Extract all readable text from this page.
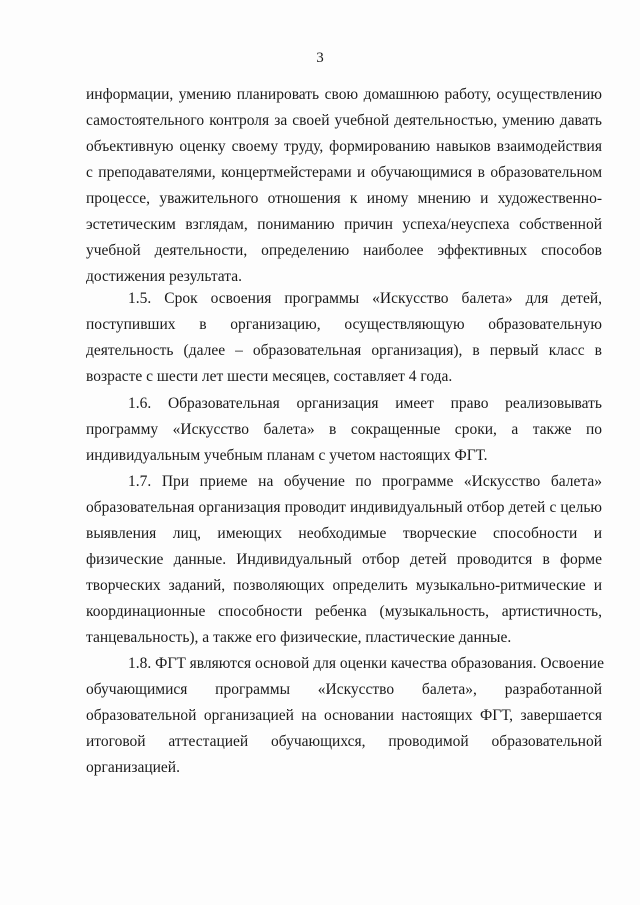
3
информации, умению планировать свою домашнюю работу, осуществлению
самостоятельного контроля за своей учебной деятельностью, умению давать
объективную оценку своему труду, формированию навыков взаимодействия
с преподавателями, концертмейстерами и обучающимися в образовательном
процессе, уважительного отношения к иному мнению и художественно-
эстетическим взглядам, пониманию причин успеха/неуспеха собственной
учебной деятельности, определению наиболее эффективных способов
достижения результата.
1.5. Срок освоения программы «Искусство балета» для детей,
поступивших в организацию, осуществляющую образовательную
деятельность (далее – образовательная организация), в первый класс в
возрасте с шести лет шести месяцев, составляет 4 года.
1.6. Образовательная организация имеет право реализовывать
программу «Искусство балета» в сокращенные сроки, а также по
индивидуальным учебным планам с учетом настоящих ФГТ.
1.7. При приеме на обучение по программе «Искусство балета»
образовательная организация проводит индивидуальный отбор детей с целью
выявления лиц, имеющих необходимые творческие способности и
физические данные. Индивидуальный отбор детей проводится в форме
творческих заданий, позволяющих определить музыкально-ритмические и
координационные способности ребенка (музыкальность, артистичность,
танцевальность), а также его физические, пластические данные.
1.8. ФГТ являются основой для оценки качества образования. Освоение
обучающимися программы «Искусство балета», разработанной
образовательной организацией на основании настоящих ФГТ, завершается
итоговой аттестацией обучающихся, проводимой образовательной
организацией.
